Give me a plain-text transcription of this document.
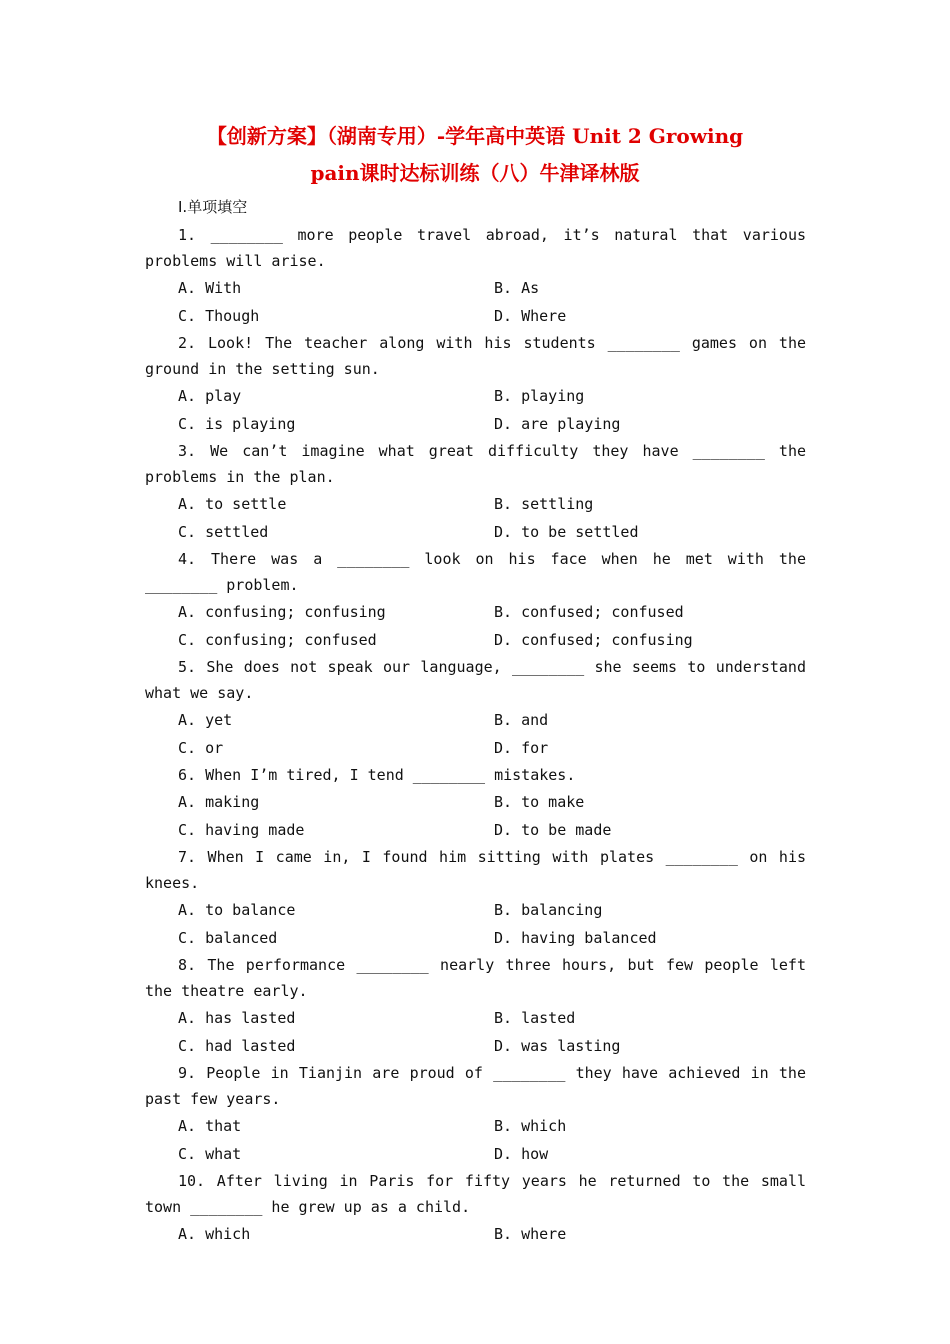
【创新方案】（湖南专用）-学年高中英语 Unit 2 Growing
pain课时达标训练（八）牛津译林版
Ⅰ.单项填空

1. ________ more people travel abroad, it’s natural that various problems will arise.

A. With	B. As
C. Though	D. Where

2. Look! The teacher along with his students ________ games on the ground in the setting sun.

A. play	B. playing
C. is playing	D. are playing

3. We can’t imagine what great difficulty they have ________ the problems in the plan.

A. to settle	B. settling
C. settled	D. to be settled

4. There was a ________ look on his face when he met with the ________ problem.

A. confusing; confusing	B. confused; confused
C. confusing; confused	D. confused; confusing

5. She does not speak our language, ________ she seems to understand what we say.

A. yet	B. and
C. or	D. for

6. When I’m tired, I tend ________ mistakes.

A. making	B. to make
C. having made	D. to be made

7. When I came in, I found him sitting with plates ________ on his knees.

A. to balance	B. balancing
C. balanced	D. having balanced

8. The performance ________ nearly three hours, but few people left the theatre early.

A. has lasted	B. lasted
C. had lasted	D. was lasting

9. People in Tianjin are proud of ________ they have achieved in the past few years.

A. that	B. which
C. what	D. how

10. After living in Paris for fifty years he returned to the small town ________ he grew up as a child.

A. which	B. where
